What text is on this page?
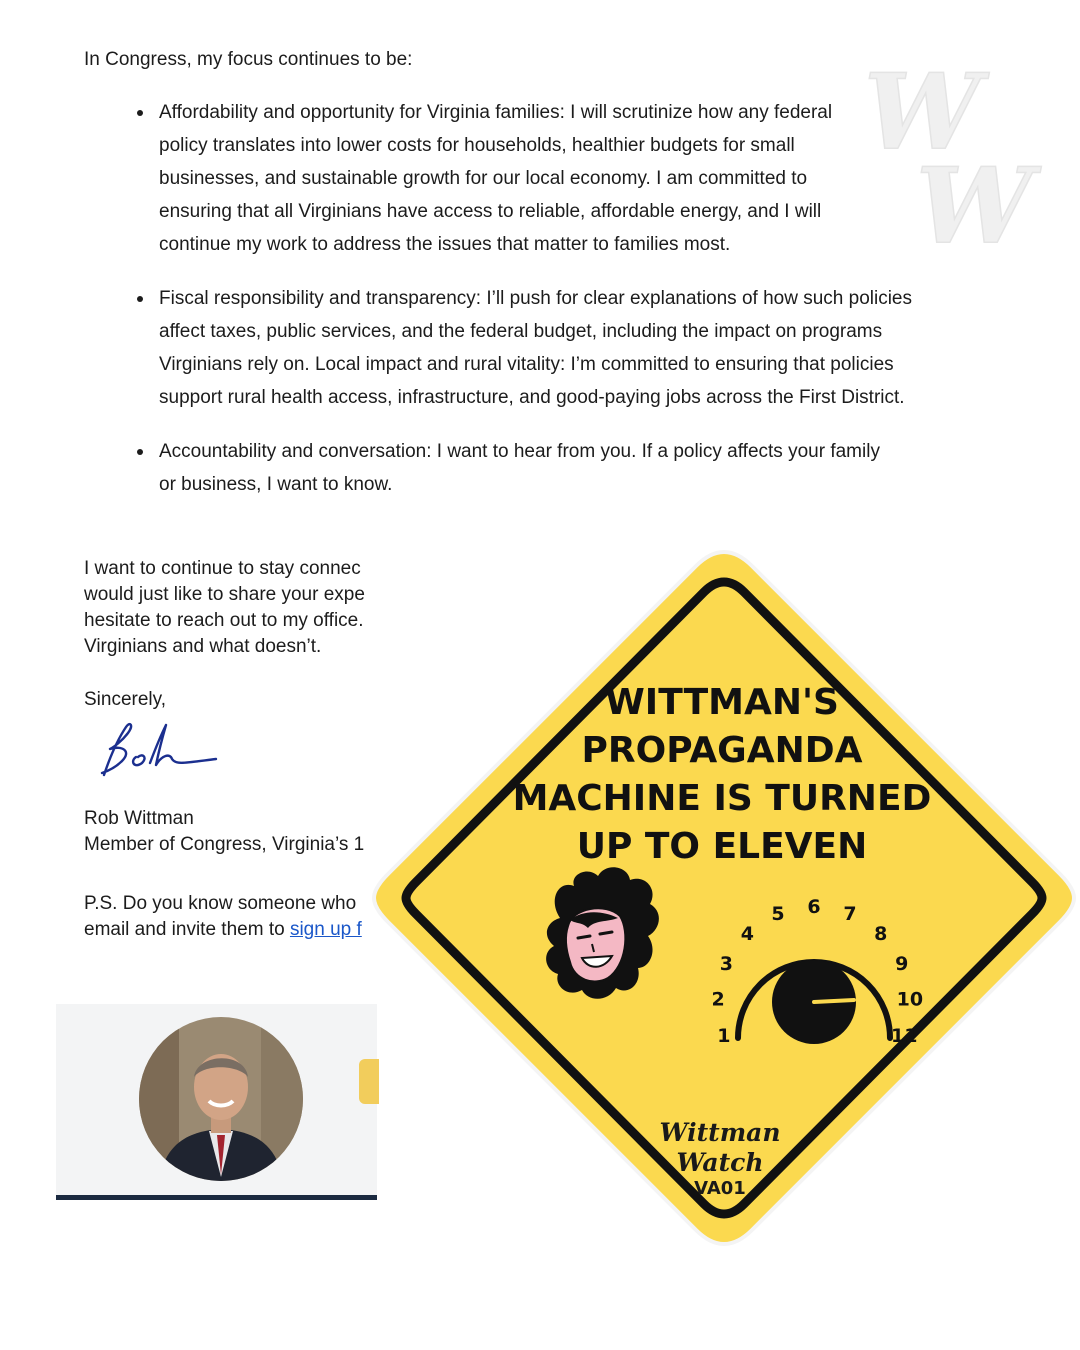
In Congress, my focus continues to be:

Affordability and opportunity for Virginia families: I will scrutinize how any federal policy translates into lower costs for households, healthier budgets for small businesses, and sustainable growth for our local economy. I am committed to ensuring that all Virginians have access to reliable, affordable energy, and I will continue my work to address the issues that matter to families most.
Fiscal responsibility and transparency: I’ll push for clear explanations of how such policies affect taxes, public services, and the federal budget, including the impact on programs Virginians rely on. Local impact and rural vitality: I’m committed to ensuring that policies support rural health access, infrastructure, and good-paying jobs across the First District.
Accountability and conversation: I want to hear from you. If a policy affects your family or business, I want to know.
I want to continue to stay connec
would just like to share your expe
hesitate to reach out to my office.
Virginians and what doesn’t.

Sincerely,

Rob Wittman
Member of Congress, Virginia’s 1
P.S. Do you know someone who
email and invite them to sign up f
W
W
1
2
3
4
5 6 7
8
9
10
11
WITTMAN'S
PROPAGANDA
MACHINE IS TURNED
UP TO ELEVEN
Wittman
Watch
VA01
